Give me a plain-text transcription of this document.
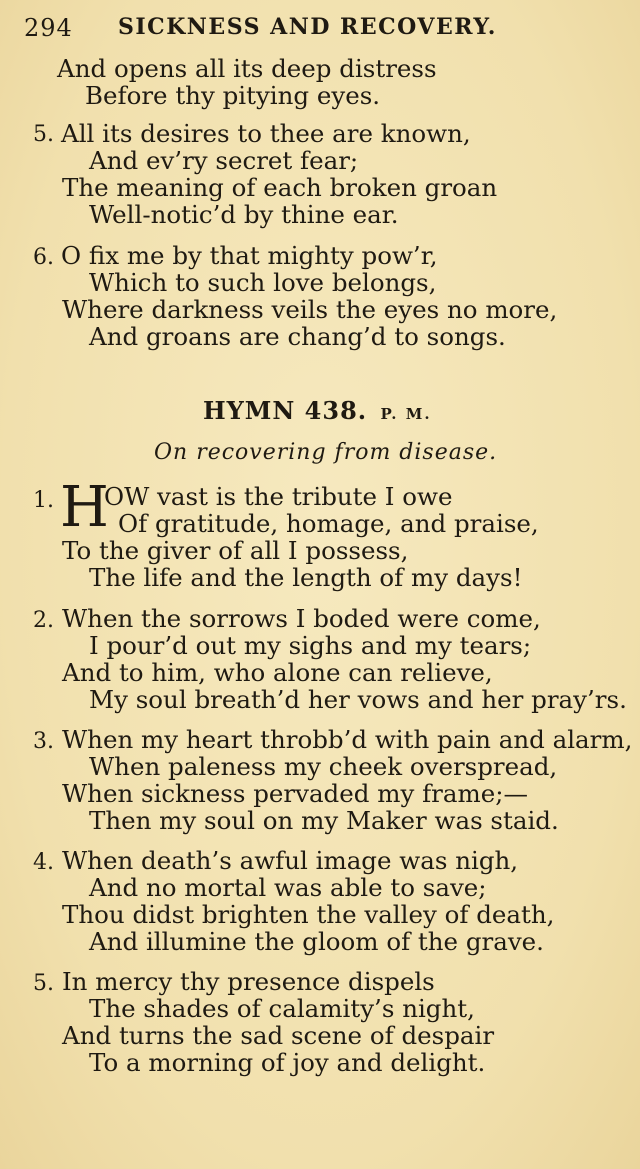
294 SICKNESS AND RECOVERY.
And opens all its deep distress
Before thy pitying eyes.
5. All its desires to thee are known,
And ev’ry secret fear;
The meaning of each broken groan
Well-notic’d by thine ear.
6. O fix me by that mighty pow’r,
Which to such love belongs,
Where darkness veils the eyes no more,
And groans are chang’d to songs.
HYMN 438. P. M.
On recovering from disease.
1. H
OW vast is the tribute I owe
Of gratitude, homage, and praise,
To the giver of all I possess,
The life and the length of my days!
2. When the sorrows I boded were come,
I pour’d out my sighs and my tears;
And to him, who alone can relieve,
My soul breath’d her vows and her pray’rs.
3. When my heart throbb’d with pain and alarm,
When paleness my cheek overspread,
When sickness pervaded my frame;—
Then my soul on my Maker was staid.
4. When death’s awful image was nigh,
And no mortal was able to save;
Thou didst brighten the valley of death,
And illumine the gloom of the grave.
5. In mercy thy presence dispels
The shades of calamity’s night,
And turns the sad scene of despair
To a morning of joy and delight.
